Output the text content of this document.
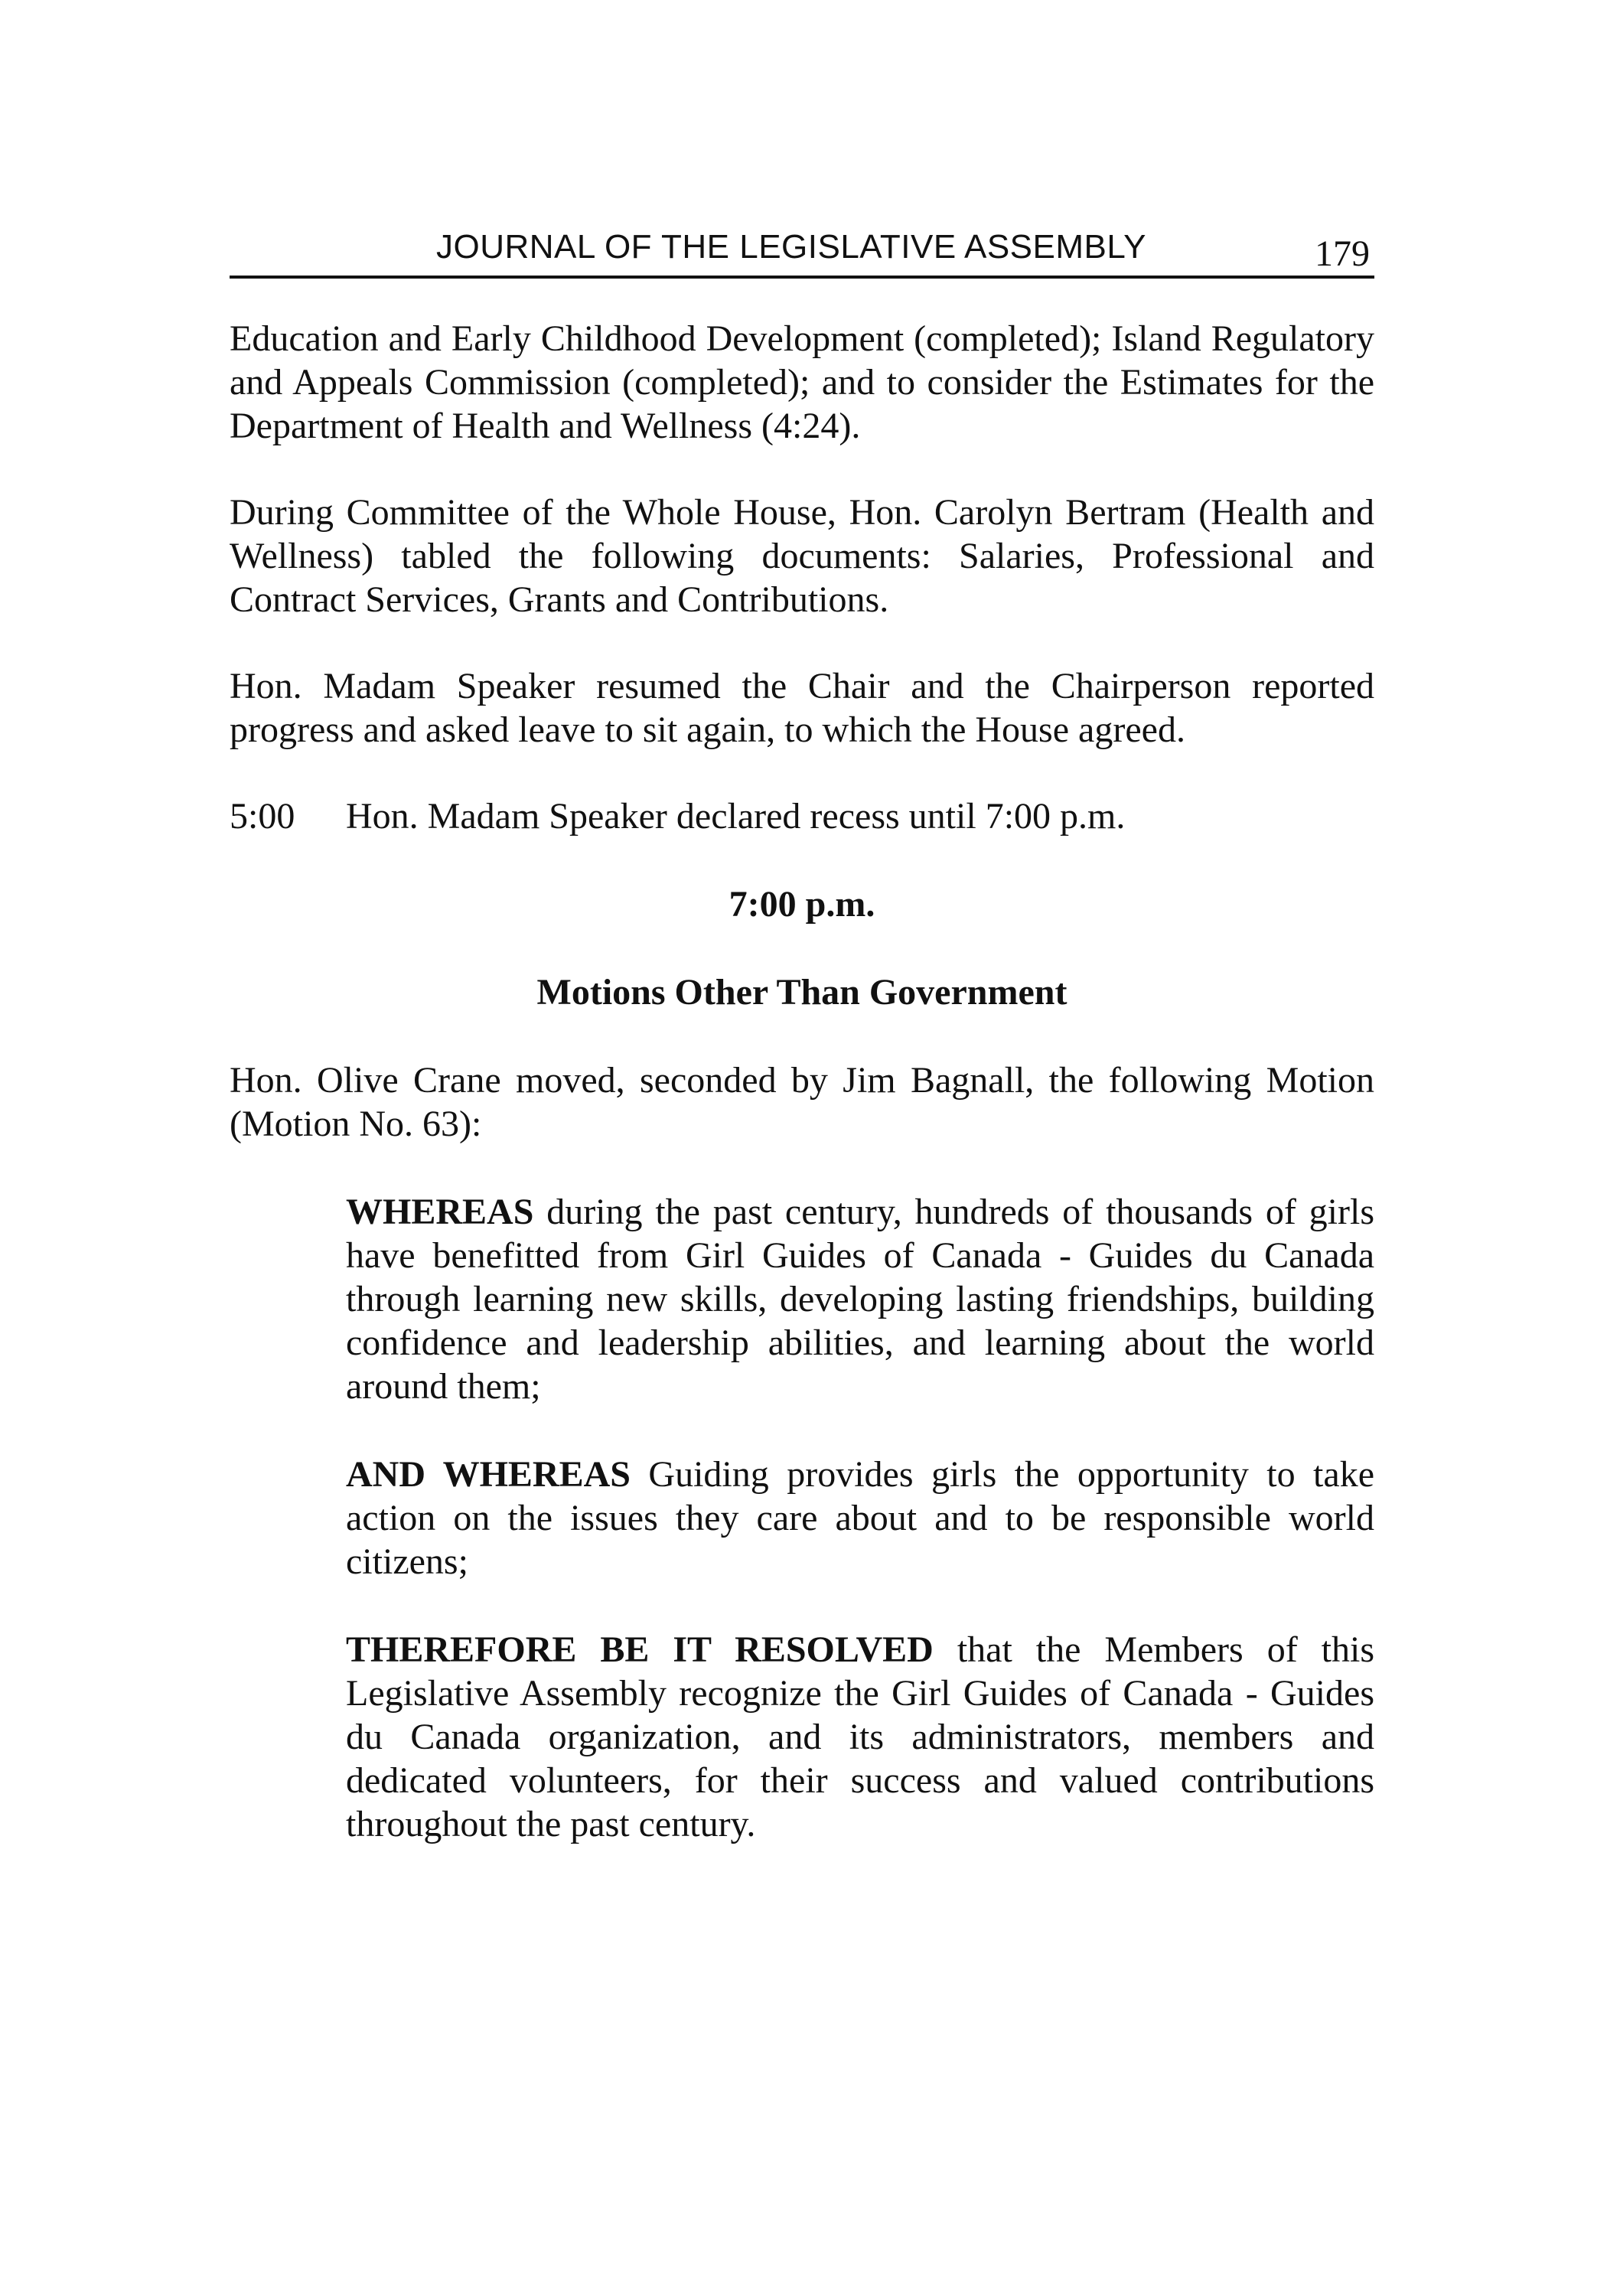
JOURNAL OF THE LEGISLATIVE ASSEMBLY	179

Education and Early Childhood Development (completed); Island Regulatory and Appeals Commission (completed); and to consider the Estimates for the Department of Health and Wellness (4:24).

During Committee of the Whole House, Hon. Carolyn Bertram (Health and Wellness) tabled the following documents: Salaries, Professional and Contract Services, Grants and Contributions.

Hon. Madam Speaker resumed the Chair and the Chairperson reported progress and asked leave to sit again, to which the House agreed.

5:00	Hon. Madam Speaker declared recess until 7:00 p.m.

7:00 p.m.

Motions Other Than Government

Hon. Olive Crane moved, seconded by Jim Bagnall, the following Motion (Motion No. 63):

WHEREAS during the past century, hundreds of thousands of girls have benefitted from Girl Guides of Canada - Guides du Canada through learning new skills, developing lasting friendships, building confidence and leadership abilities, and learning about the world around them;

AND WHEREAS Guiding provides girls the opportunity to take action on the issues they care about and to be responsible world citizens;

THEREFORE BE IT RESOLVED that the Members of this Legislative Assembly recognize the Girl Guides of Canada - Guides du Canada organization, and its administrators, members and dedicated volunteers, for their success and valued contributions throughout the past century.
